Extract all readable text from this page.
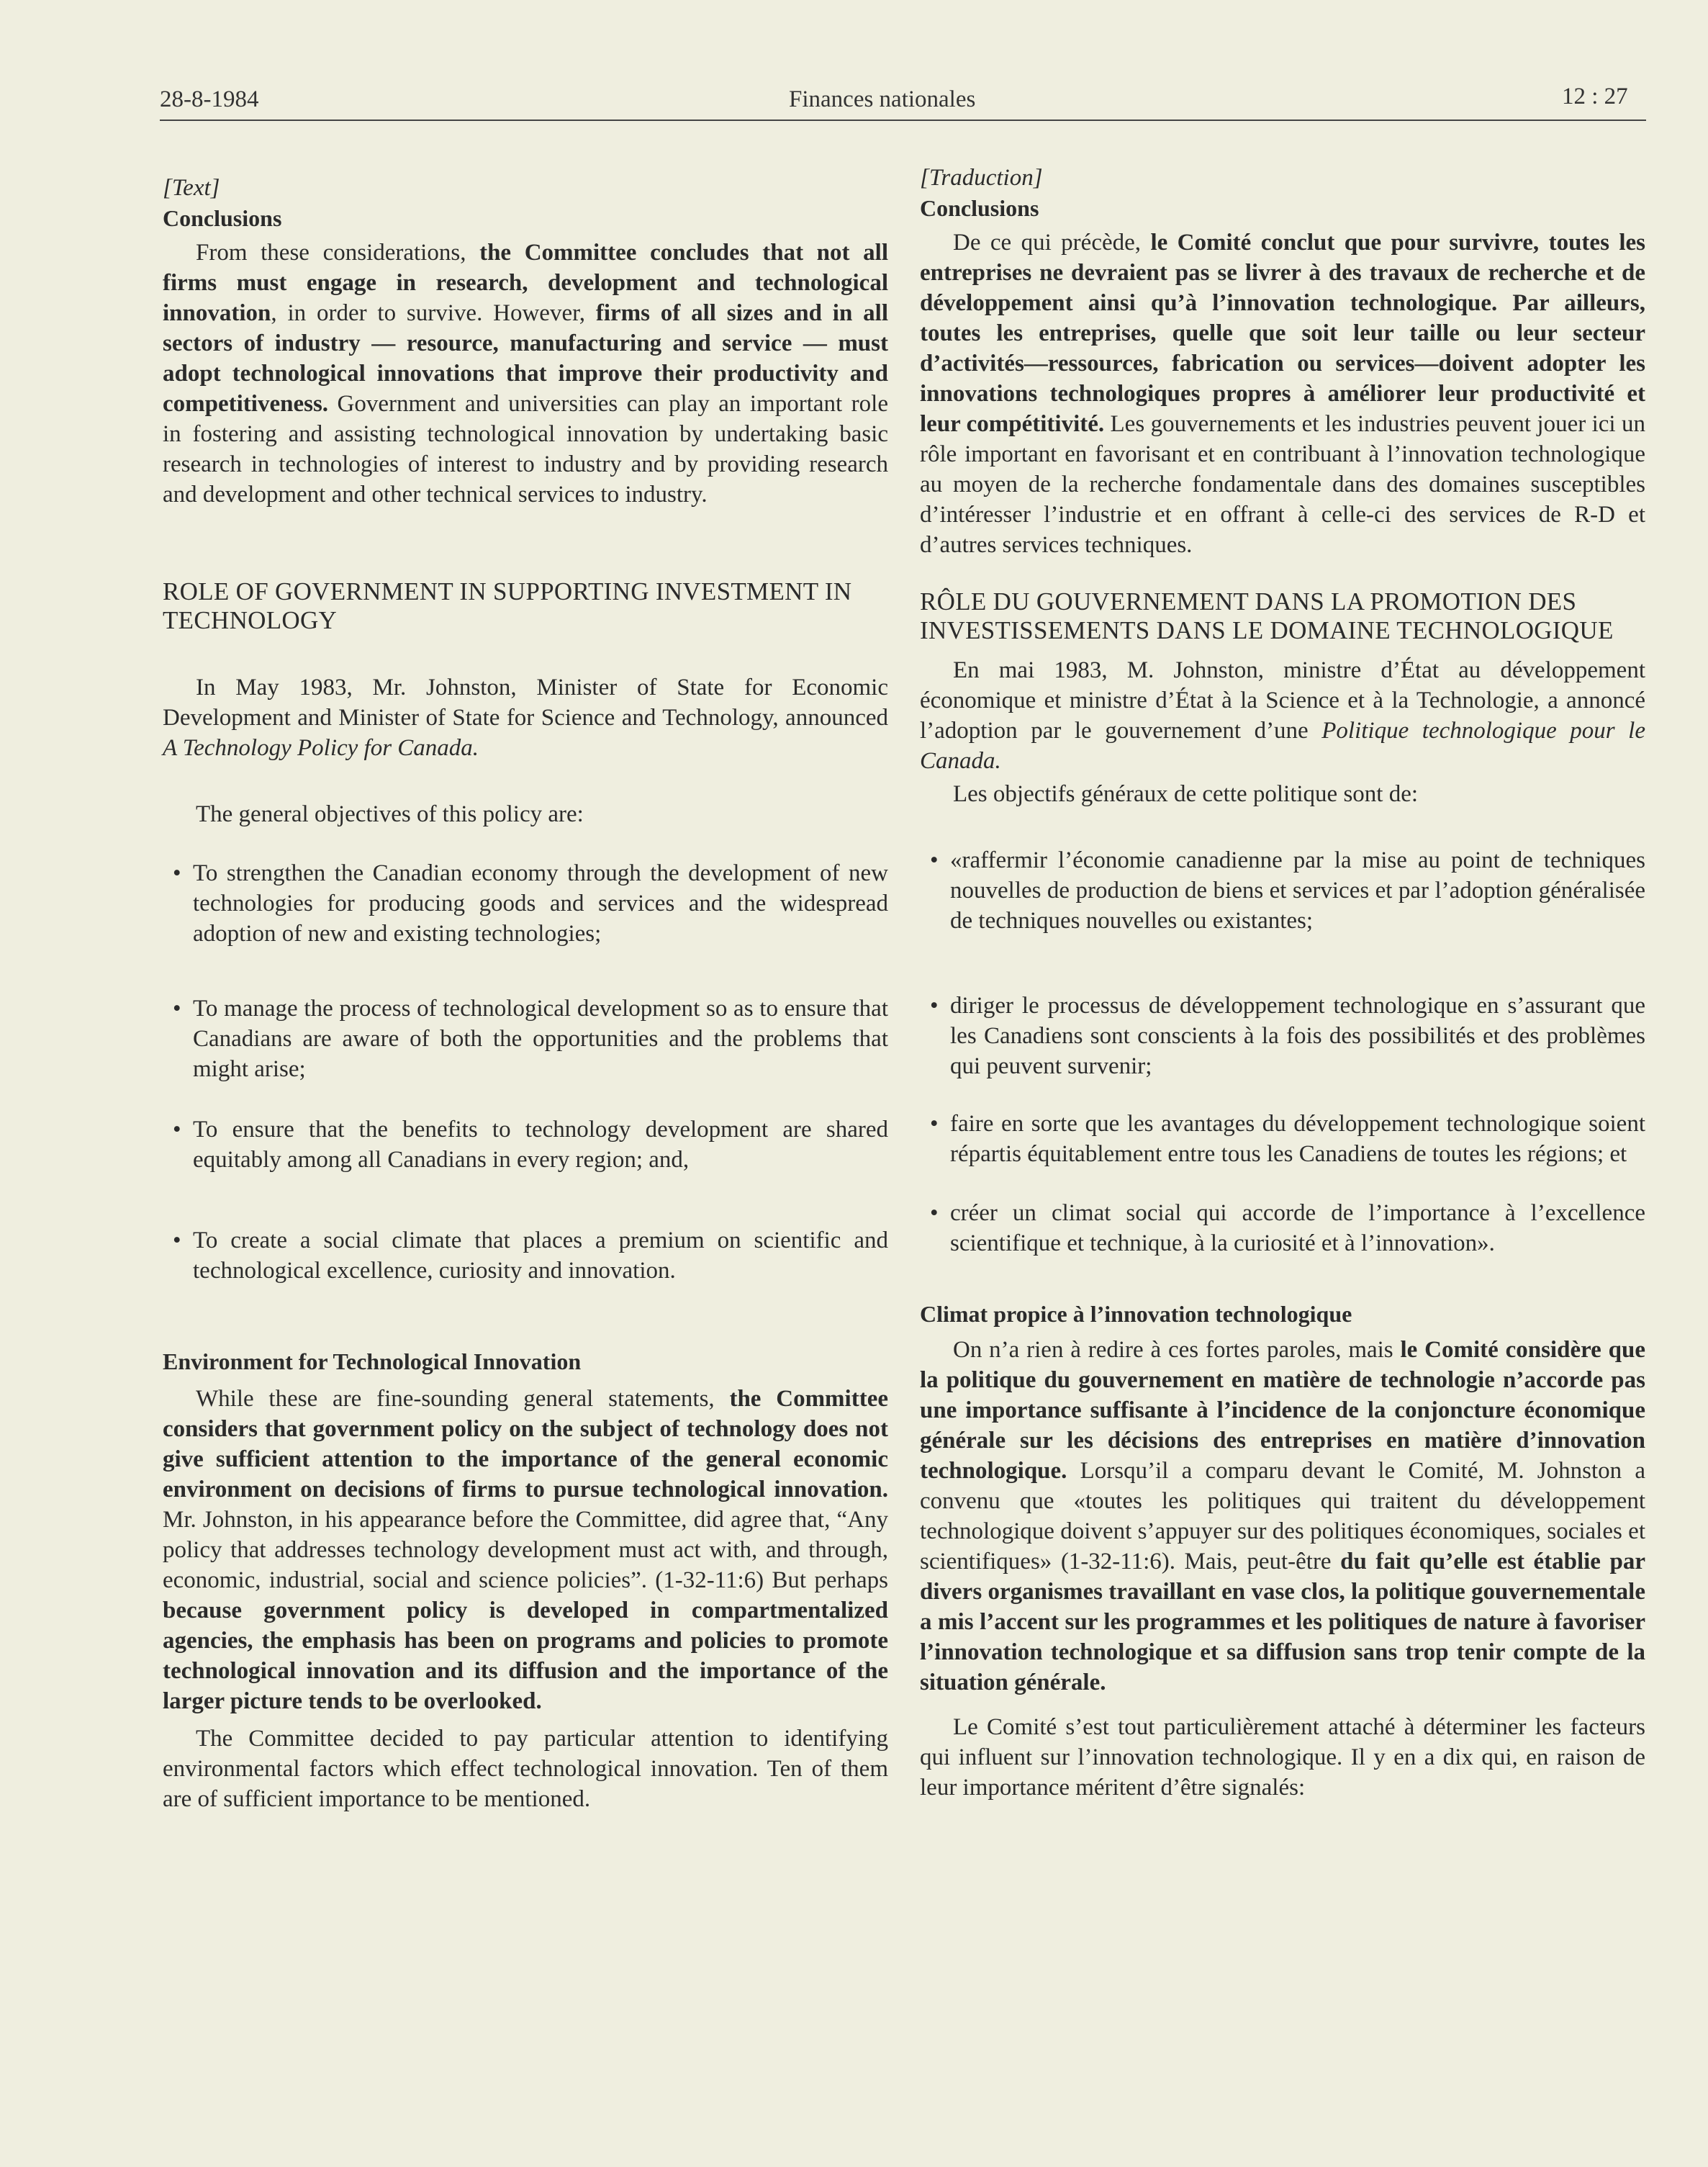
28-8-1984	Finances nationales	12 : 27

[Text]

Conclusions

From these considerations, the Committee concludes that not all firms must engage in research, development and technological innovation, in order to survive. However, firms of all sizes and in all sectors of industry — resource, manufacturing and service — must adopt technological innovations that improve their productivity and competitiveness. Government and universities can play an important role in fostering and assisting technological innovation by undertaking basic research in technologies of interest to industry and by providing research and development and other technical services to industry.

ROLE OF GOVERNMENT IN SUPPORTING INVESTMENT IN TECHNOLOGY

In May 1983, Mr. Johnston, Minister of State for Economic Development and Minister of State for Science and Technology, announced A Technology Policy for Canada.

The general objectives of this policy are:

• To strengthen the Canadian economy through the development of new technologies for producing goods and services and the widespread adoption of new and existing technologies;
• To manage the process of technological development so as to ensure that Canadians are aware of both the opportunities and the problems that might arise;
• To ensure that the benefits to technology development are shared equitably among all Canadians in every region; and,
• To create a social climate that places a premium on scientific and technological excellence, curiosity and innovation.

Environment for Technological Innovation

While these are fine-sounding general statements, the Committee considers that government policy on the subject of technology does not give sufficient attention to the importance of the general economic environment on decisions of firms to pursue technological innovation. Mr. Johnston, in his appearance before the Committee, did agree that, “Any policy that addresses technology development must act with, and through, economic, industrial, social and science policies”. (1-32-11:6) But perhaps because government policy is developed in compartmentalized agencies, the emphasis has been on programs and policies to promote technological innovation and its diffusion and the importance of the larger picture tends to be overlooked.

The Committee decided to pay particular attention to identifying environmental factors which effect technological innovation. Ten of them are of sufficient importance to be mentioned.

[Traduction]

Conclusions

De ce qui précède, le Comité conclut que pour survivre, toutes les entreprises ne devraient pas se livrer à des travaux de recherche et de développement ainsi qu’à l’innovation technologique. Par ailleurs, toutes les entreprises, quelle que soit leur taille ou leur secteur d’activités—ressources, fabrication ou services—doivent adopter les innovations technologiques propres à améliorer leur productivité et leur compétitivité. Les gouvernements et les industries peuvent jouer ici un rôle important en favorisant et en contribuant à l’innovation technologique au moyen de la recherche fondamentale dans des domaines susceptibles d’intéresser l’industrie et en offrant à celle-ci des services de R-D et d’autres services techniques.

RÔLE DU GOUVERNEMENT DANS LA PROMOTION DES INVESTISSEMENTS DANS LE DOMAINE TECHNOLOGIQUE

En mai 1983, M. Johnston, ministre d’État au développement économique et ministre d’État à la Science et à la Technologie, a annoncé l’adoption par le gouvernement d’une Politique technologique pour le Canada.

Les objectifs généraux de cette politique sont de:

• «raffermir l’économie canadienne par la mise au point de techniques nouvelles de production de biens et services et par l’adoption généralisée de techniques nouvelles ou existantes;
• diriger le processus de développement technologique en s’assurant que les Canadiens sont conscients à la fois des possibilités et des problèmes qui peuvent survenir;
• faire en sorte que les avantages du développement technologique soient répartis équitablement entre tous les Canadiens de toutes les régions; et
• créer un climat social qui accorde de l’importance à l’excellence scientifique et technique, à la curiosité et à l’innovation».

Climat propice à l’innovation technologique

On n’a rien à redire à ces fortes paroles, mais le Comité considère que la politique du gouvernement en matière de technologie n’accorde pas une importance suffisante à l’incidence de la conjoncture économique générale sur les décisions des entreprises en matière d’innovation technologique. Lorsqu’il a comparu devant le Comité, M. Johnston a convenu que «toutes les politiques qui traitent du développement technologique doivent s’appuyer sur des politiques économiques, sociales et scientifiques» (1-32-11:6). Mais, peut-être du fait qu’elle est établie par divers organismes travaillant en vase clos, la politique gouvernementale a mis l’accent sur les programmes et les politiques de nature à favoriser l’innovation technologique et sa diffusion sans trop tenir compte de la situation générale.

Le Comité s’est tout particulièrement attaché à déterminer les facteurs qui influent sur l’innovation technologique. Il y en a dix qui, en raison de leur importance méritent d’être signalés:
